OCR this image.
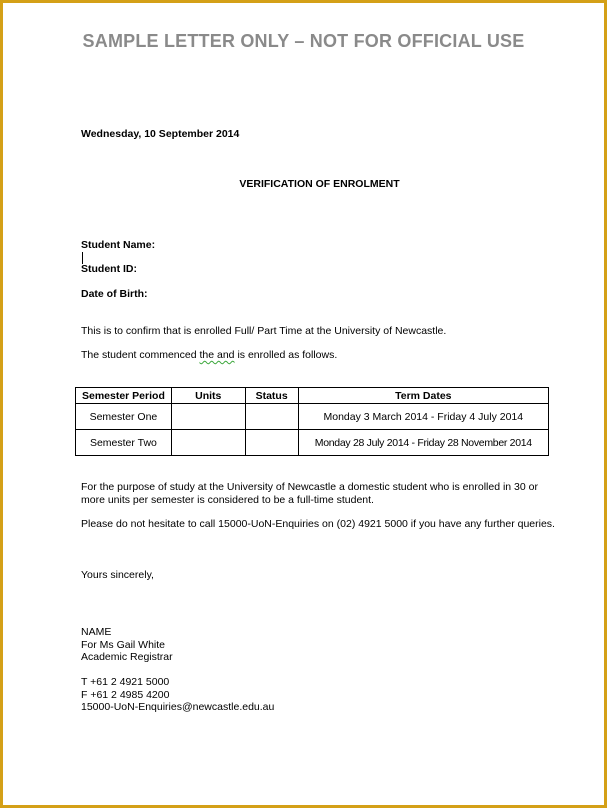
SAMPLE LETTER ONLY – NOT FOR OFFICIAL USE
Wednesday, 10 September 2014
VERIFICATION OF ENROLMENT
Student Name:
Student ID:
Date of Birth:
This is to confirm that is enrolled Full/ Part Time at the University of Newcastle.
The student commenced the and is enrolled as follows.
Semester Period	Units	Status	Term Dates
Semester One			Monday 3 March 2014 - Friday 4 July 2014
Semester Two			Monday 28 July 2014 - Friday 28 November 2014
For the purpose of study at the University of Newcastle a domestic student who is enrolled in 30 or more units per semester is considered to be a full-time student.
Please do not hesitate to call 15000-UoN-Enquiries on (02) 4921 5000 if you have any further queries.
Yours sincerely,
NAME
For Ms Gail White
Academic Registrar
T +61 2 4921 5000
F +61 2 4985 4200
15000-UoN-Enquiries@newcastle.edu.au
